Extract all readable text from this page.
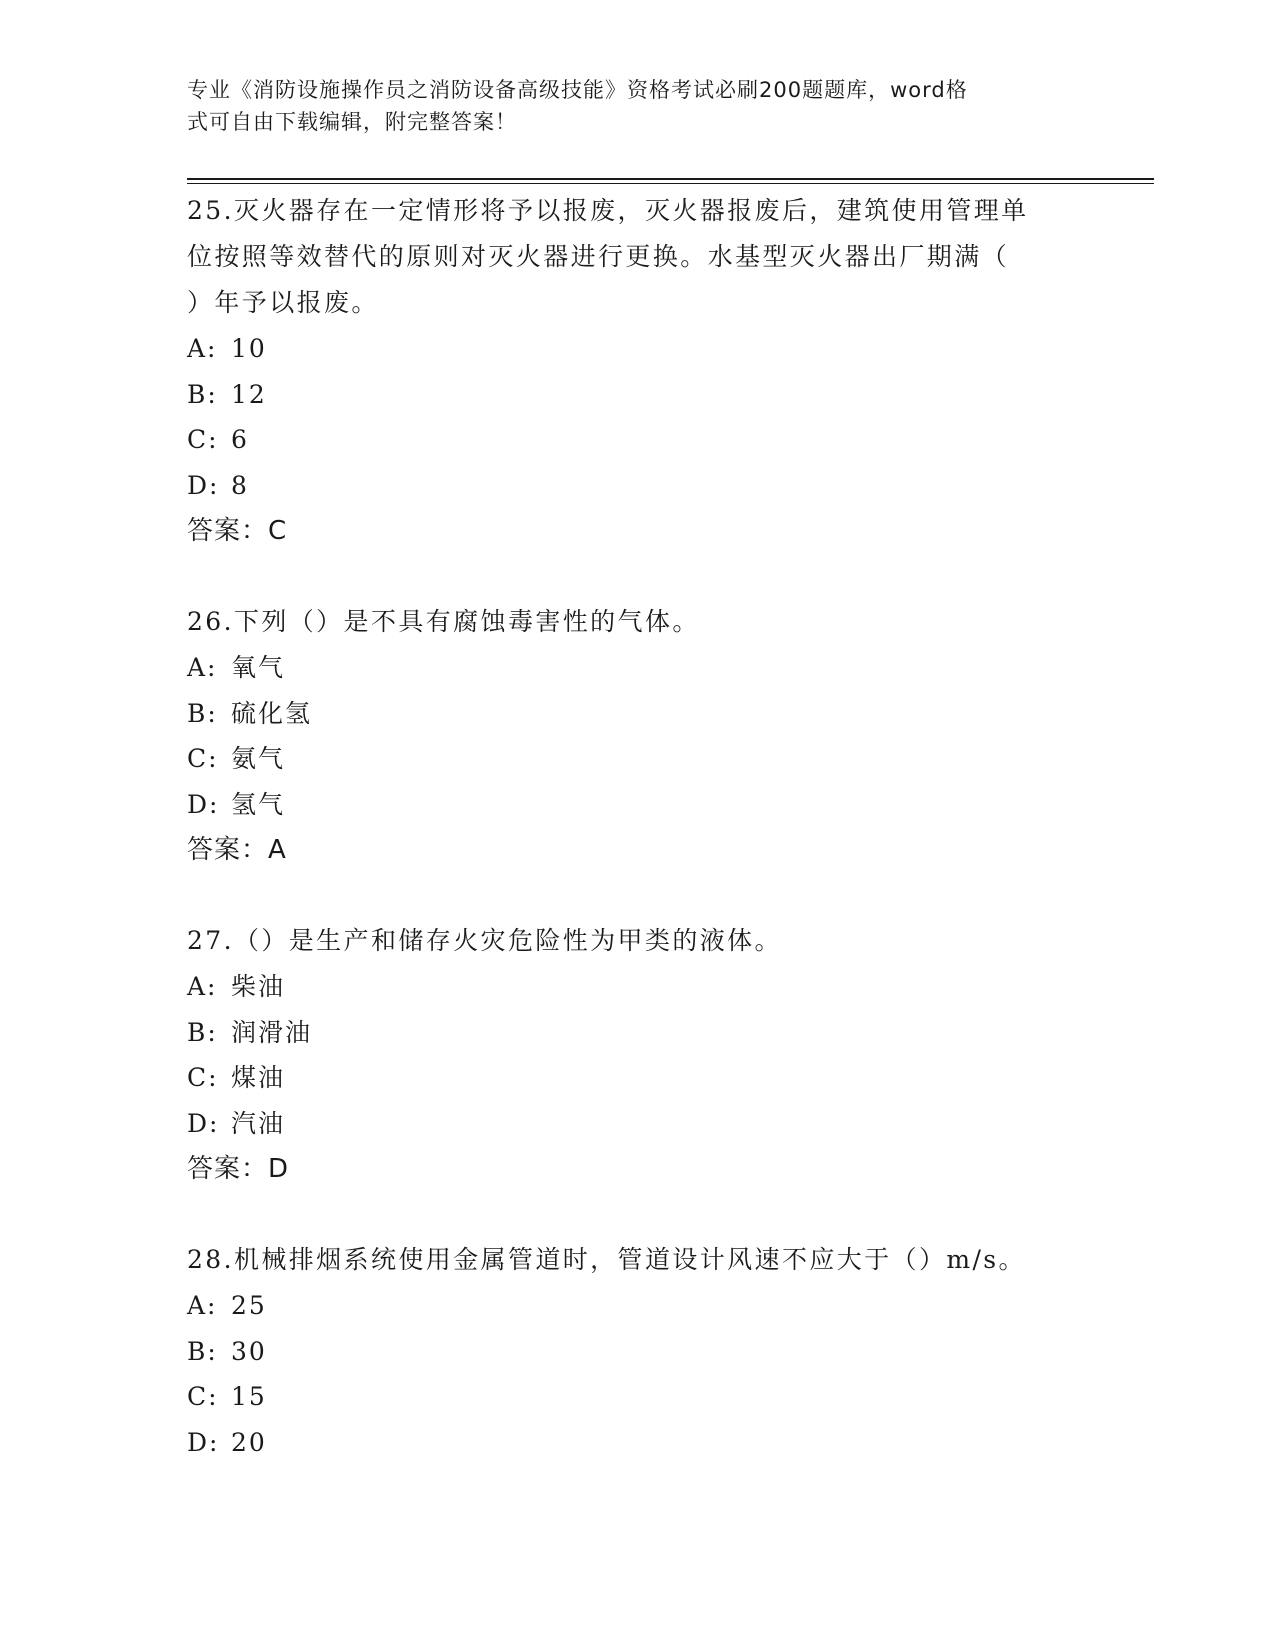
专业《消防设施操作员之消防设备高级技能》资格考试必刷200题题库，word格
式可自由下载编辑，附完整答案！
25.灭火器存在一定情形将予以报废，灭火器报废后，建筑使用管理单
位按照等效替代的原则对灭火器进行更换。水基型灭火器出厂期满（
）年予以报废。
A: 10
B: 12
C: 6
D: 8
答案：C
26.下列（）是不具有腐蚀毒害性的气体。
A: 氧气
B: 硫化氢
C: 氨气
D: 氢气
答案：A
27.（）是生产和储存火灾危险性为甲类的液体。
A: 柴油
B: 润滑油
C: 煤油
D: 汽油
答案：D
28.机械排烟系统使用金属管道时，管道设计风速不应大于（）m/s。
A: 25
B: 30
C: 15
D: 20
